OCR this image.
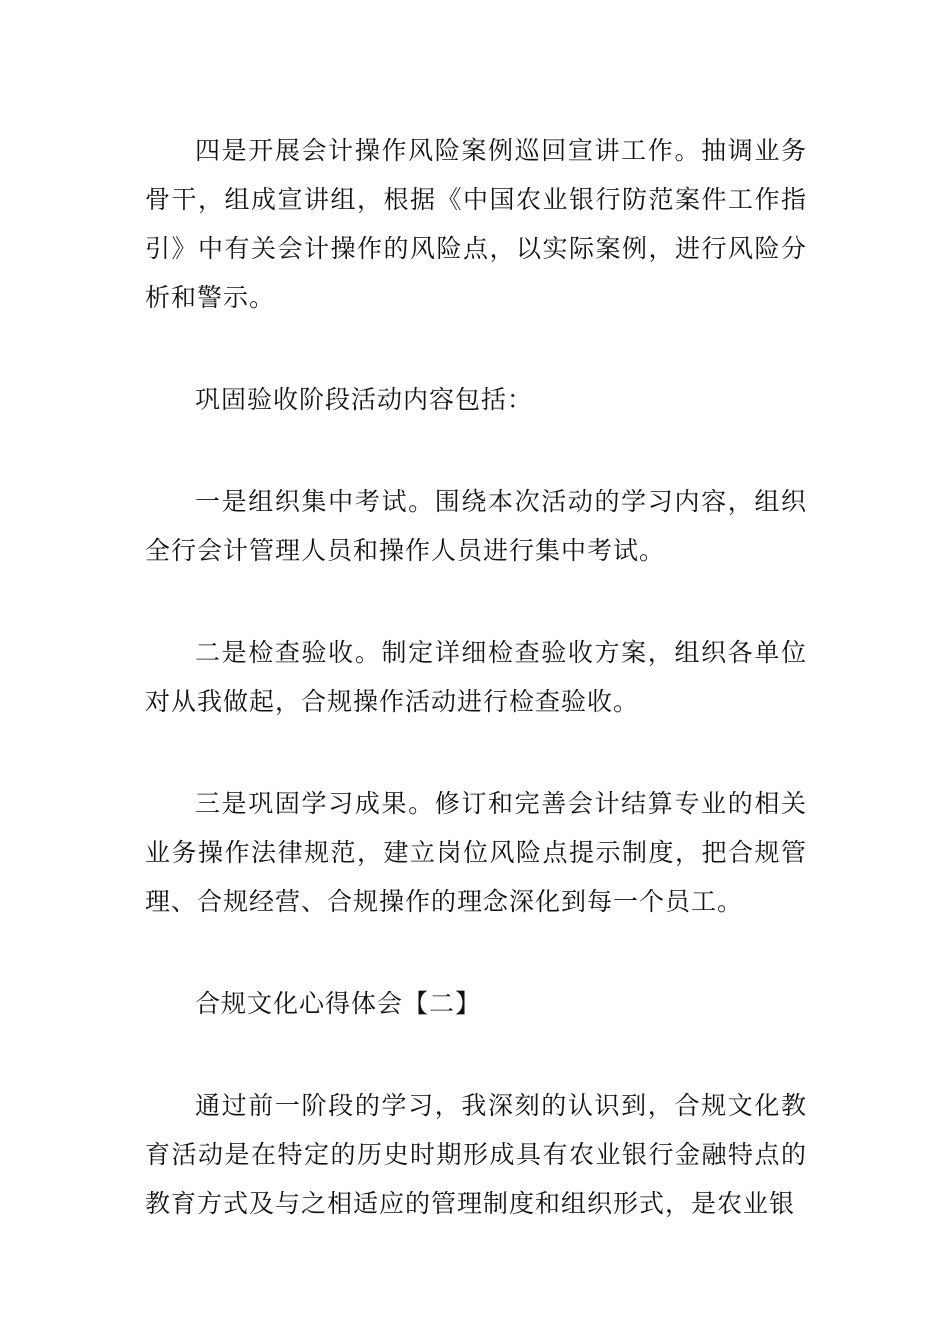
四是开展会计操作风险案例巡回宣讲工作。抽调业务骨干，组成宣讲组，根据《中国农业银行防范案件工作指引》中有关会计操作的风险点，以实际案例，进行风险分析和警示。

巩固验收阶段活动内容包括：

一是组织集中考试。围绕本次活动的学习内容，组织全行会计管理人员和操作人员进行集中考试。

二是检查验收。制定详细检查验收方案，组织各单位对从我做起，合规操作活动进行检查验收。

三是巩固学习成果。修订和完善会计结算专业的相关业务操作法律规范，建立岗位风险点提示制度，把合规管理、合规经营、合规操作的理念深化到每一个员工。

合规文化心得体会【二】

通过前一阶段的学习，我深刻的认识到，合规文化教育活动是在特定的历史时期形成具有农业银行金融特点的教育方式及与之相适应的管理制度和组织形式，是农业银
